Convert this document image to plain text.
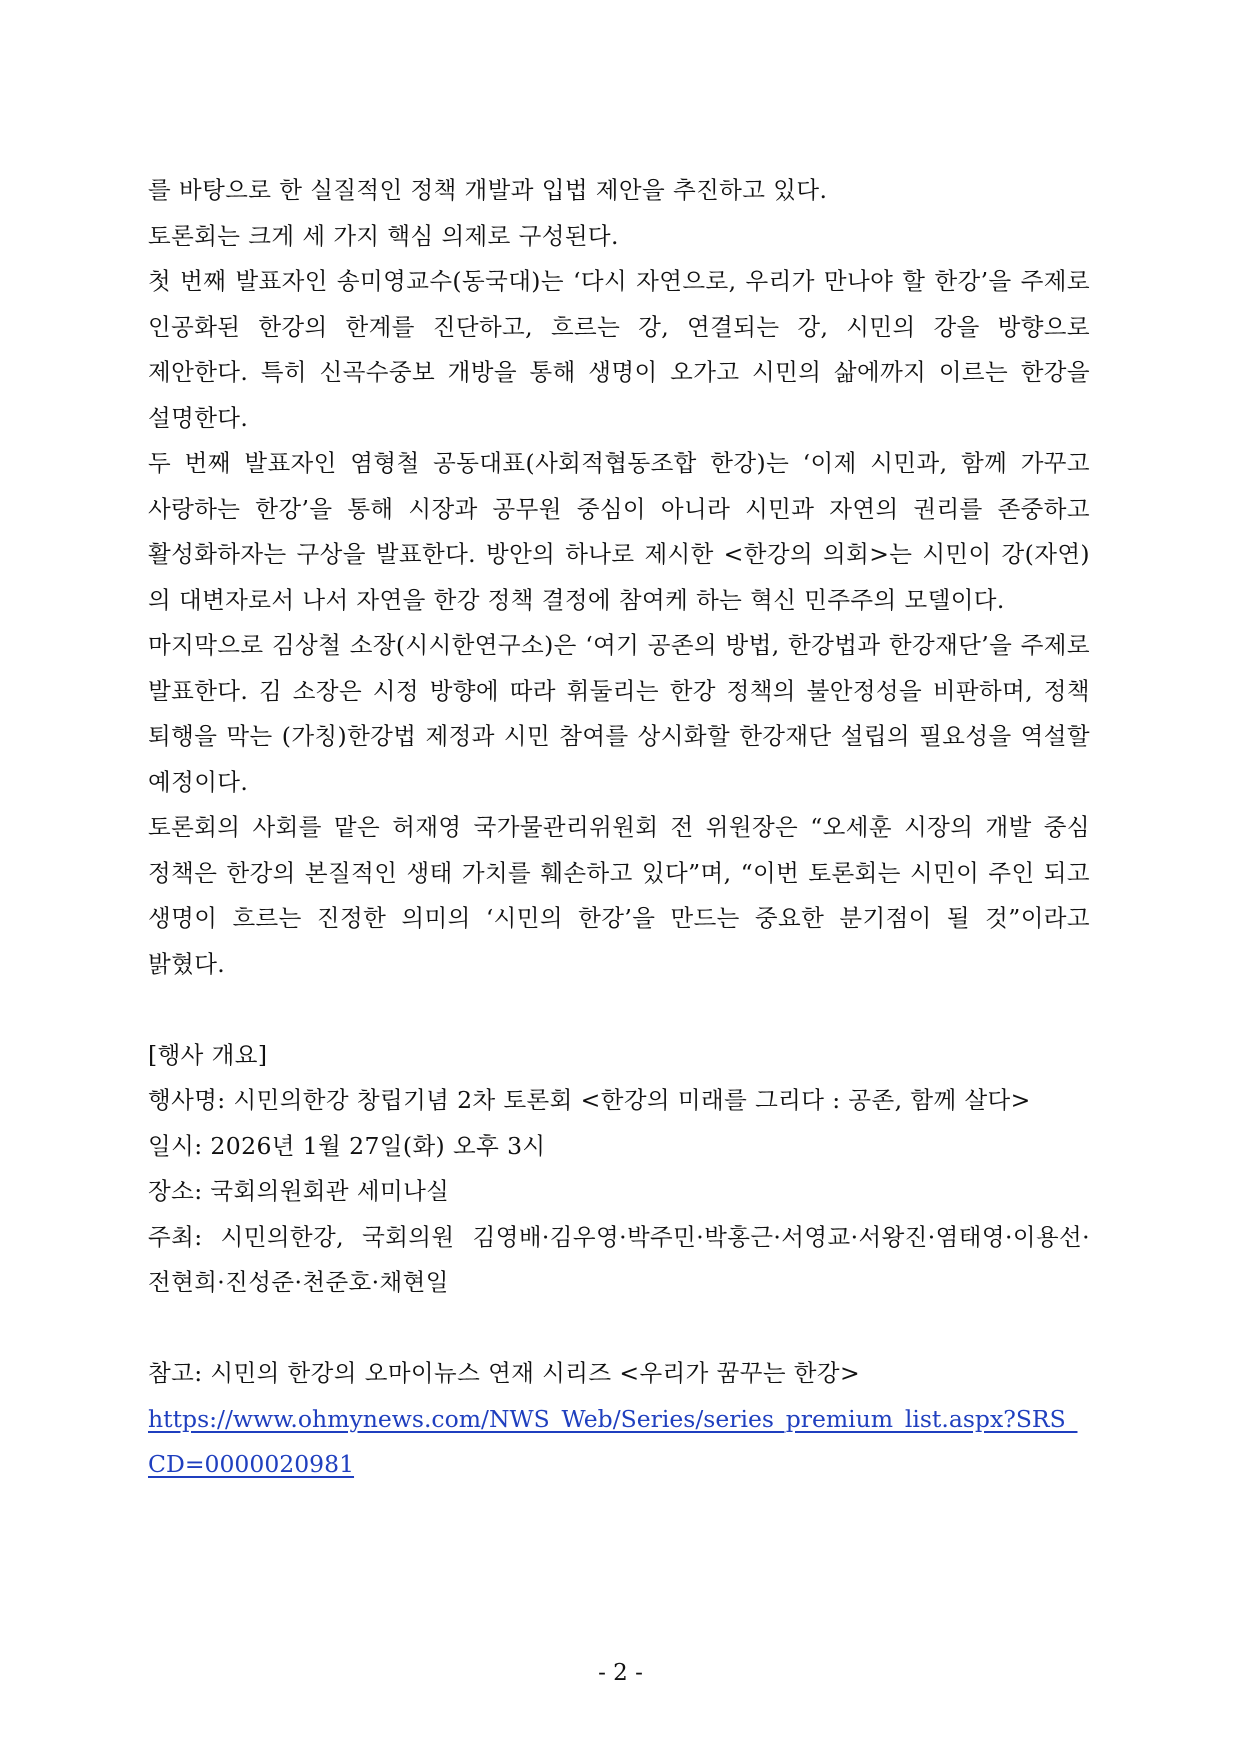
를 바탕으로 한 실질적인 정책 개발과 입법 제안을 추진하고 있다.

토론회는 크게 세 가지 핵심 의제로 구성된다.

첫 번째 발표자인 송미영교수(동국대)는 ‘다시 자연으로, 우리가 만나야 할 한강’을 주제로 인공화된 한강의 한계를 진단하고, 흐르는 강, 연결되는 강, 시민의 강을 방향으로 제안한다. 특히 신곡수중보 개방을 통해 생명이 오가고 시민의 삶에까지 이르는 한강을 설명한다.

두 번째 발표자인 염형철 공동대표(사회적협동조합 한강)는 ‘이제 시민과, 함께 가꾸고 사랑하는 한강’을 통해 시장과 공무원 중심이 아니라 시민과 자연의 권리를 존중하고 활성화하자는 구상을 발표한다. 방안의 하나로 제시한 <한강의 의회>는 시민이 강(자연)의 대변자로서 나서 자연을 한강 정책 결정에 참여케 하는 혁신 민주주의 모델이다.

마지막으로 김상철 소장(시시한연구소)은 ‘여기 공존의 방법, 한강법과 한강재단’을 주제로 발표한다. 김 소장은 시정 방향에 따라 휘둘리는 한강 정책의 불안정성을 비판하며, 정책 퇴행을 막는 (가칭)한강법 제정과 시민 참여를 상시화할 한강재단 설립의 필요성을 역설할 예정이다.

토론회의 사회를 맡은 허재영 국가물관리위원회 전 위원장은 “오세훈 시장의 개발 중심 정책은 한강의 본질적인 생태 가치를 훼손하고 있다”며, “이번 토론회는 시민이 주인 되고 생명이 흐르는 진정한 의미의 ‘시민의 한강’을 만드는 중요한 분기점이 될 것”이라고 밝혔다.

[행사 개요]

행사명: 시민의한강 창립기념 2차 토론회 <한강의 미래를 그리다 : 공존, 함께 살다>

일시: 2026년 1월 27일(화) 오후 3시

장소: 국회의원회관 세미나실

주최: 시민의한강, 국회의원 김영배·김우영·박주민·박홍근·서영교·서왕진·염태영·이용선·전현희·진성준·천준호·채현일

참고: 시민의 한강의 오마이뉴스 연재 시리즈 <우리가 꿈꾸는 한강>

https://www.ohmynews.com/NWS_Web/Series/series_premium_list.aspx?SRS_CD=0000020981

- 2 -
